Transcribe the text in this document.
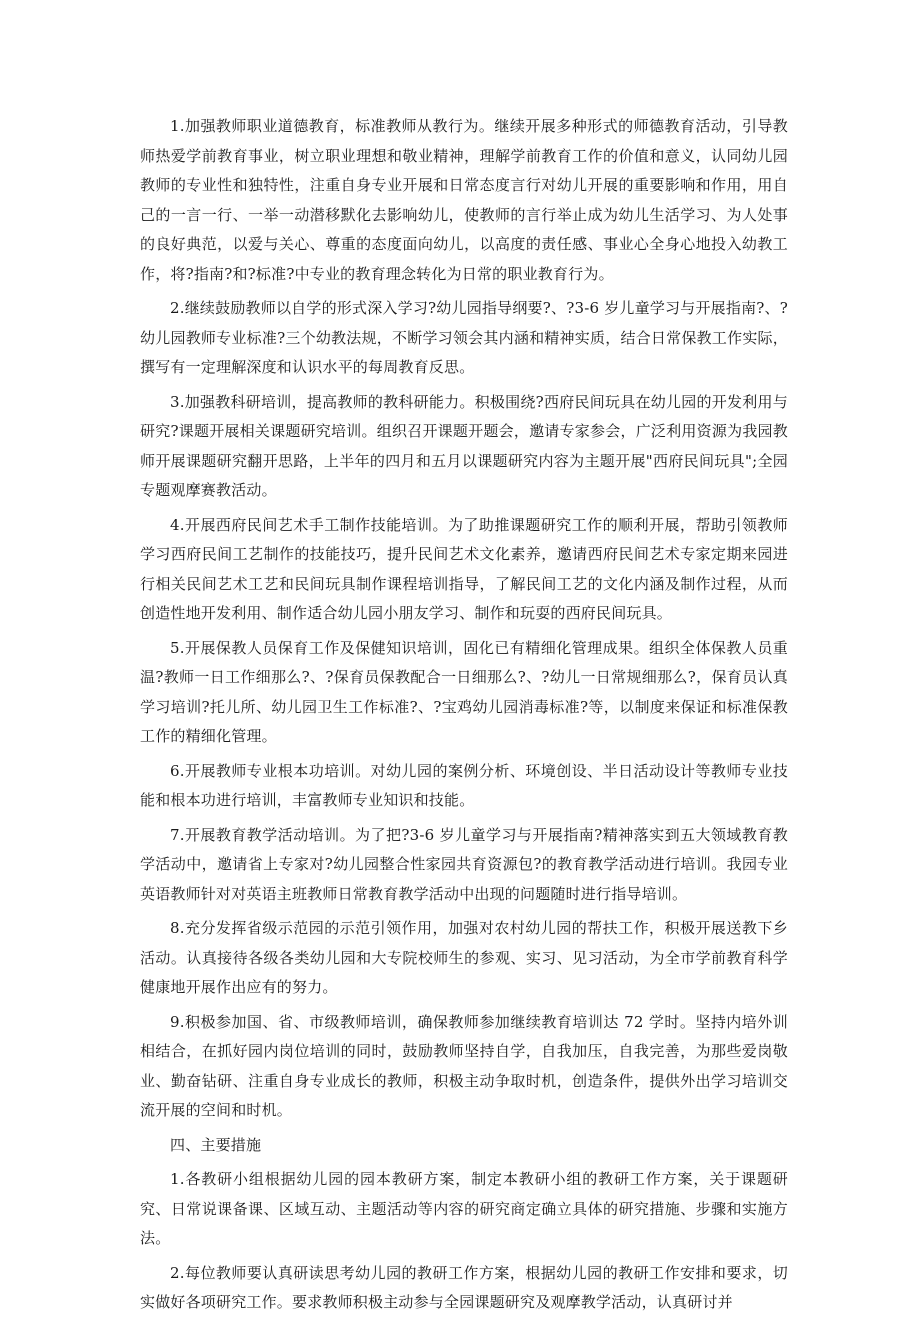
1.加强教师职业道德教育，标准教师从教行为。继续开展多种形式的师德教育活动，引导教师热爱学前教育事业，树立职业理想和敬业精神，理解学前教育工作的价值和意义，认同幼儿园教师的专业性和独特性，注重自身专业开展和日常态度言行对幼儿开展的重要影响和作用，用自己的一言一行、一举一动潜移默化去影响幼儿，使教师的言行举止成为幼儿生活学习、为人处事的良好典范，以爱与关心、尊重的态度面向幼儿，以高度的责任感、事业心全身心地投入幼教工作，将?指南?和?标准?中专业的教育理念转化为日常的职业教育行为。

2.继续鼓励教师以自学的形式深入学习?幼儿园指导纲要?、?3-6 岁儿童学习与开展指南?、?幼儿园教师专业标准?三个幼教法规，不断学习领会其内涵和精神实质，结合日常保教工作实际，撰写有一定理解深度和认识水平的每周教育反思。

3.加强教科研培训，提高教师的教科研能力。积极围绕?西府民间玩具在幼儿园的开发利用与研究?课题开展相关课题研究培训。组织召开课题开题会，邀请专家参会，广泛利用资源为我园教师开展课题研究翻开思路，上半年的四月和五月以课题研究内容为主题开展"西府民间玩具";全园专题观摩赛教活动。

4.开展西府民间艺术手工制作技能培训。为了助推课题研究工作的顺利开展，帮助引领教师学习西府民间工艺制作的技能技巧，提升民间艺术文化素养，邀请西府民间艺术专家定期来园进行相关民间艺术工艺和民间玩具制作课程培训指导，了解民间工艺的文化内涵及制作过程，从而创造性地开发利用、制作适合幼儿园小朋友学习、制作和玩耍的西府民间玩具。

5.开展保教人员保育工作及保健知识培训，固化已有精细化管理成果。组织全体保教人员重温?教师一日工作细那么?、?保育员保教配合一日细那么?、?幼儿一日常规细那么?，保育员认真学习培训?托儿所、幼儿园卫生工作标准?、?宝鸡幼儿园消毒标准?等，以制度来保证和标准保教工作的精细化管理。

6.开展教师专业根本功培训。对幼儿园的案例分析、环境创设、半日活动设计等教师专业技能和根本功进行培训，丰富教师专业知识和技能。

7.开展教育教学活动培训。为了把?3-6 岁儿童学习与开展指南?精神落实到五大领域教育教学活动中，邀请省上专家对?幼儿园整合性家园共育资源包?的教育教学活动进行培训。我园专业英语教师针对对英语主班教师日常教育教学活动中出现的问题随时进行指导培训。

8.充分发挥省级示范园的示范引领作用，加强对农村幼儿园的帮扶工作，积极开展送教下乡活动。认真接待各级各类幼儿园和大专院校师生的参观、实习、见习活动，为全市学前教育科学健康地开展作出应有的努力。

9.积极参加国、省、市级教师培训，确保教师参加继续教育培训达 72 学时。坚持内培外训相结合，在抓好园内岗位培训的同时，鼓励教师坚持自学，自我加压，自我完善，为那些爱岗敬业、勤奋钻研、注重自身专业成长的教师，积极主动争取时机，创造条件，提供外出学习培训交流开展的空间和时机。

四、主要措施

1.各教研小组根据幼儿园的园本教研方案，制定本教研小组的教研工作方案，关于课题研究、日常说课备课、区域互动、主题活动等内容的研究商定确立具体的研究措施、步骤和实施方法。

2.每位教师要认真研读思考幼儿园的教研工作方案，根据幼儿园的教研工作安排和要求，切实做好各项研究工作。要求教师积极主动参与全园课题研究及观摩教学活动，认真研讨并
